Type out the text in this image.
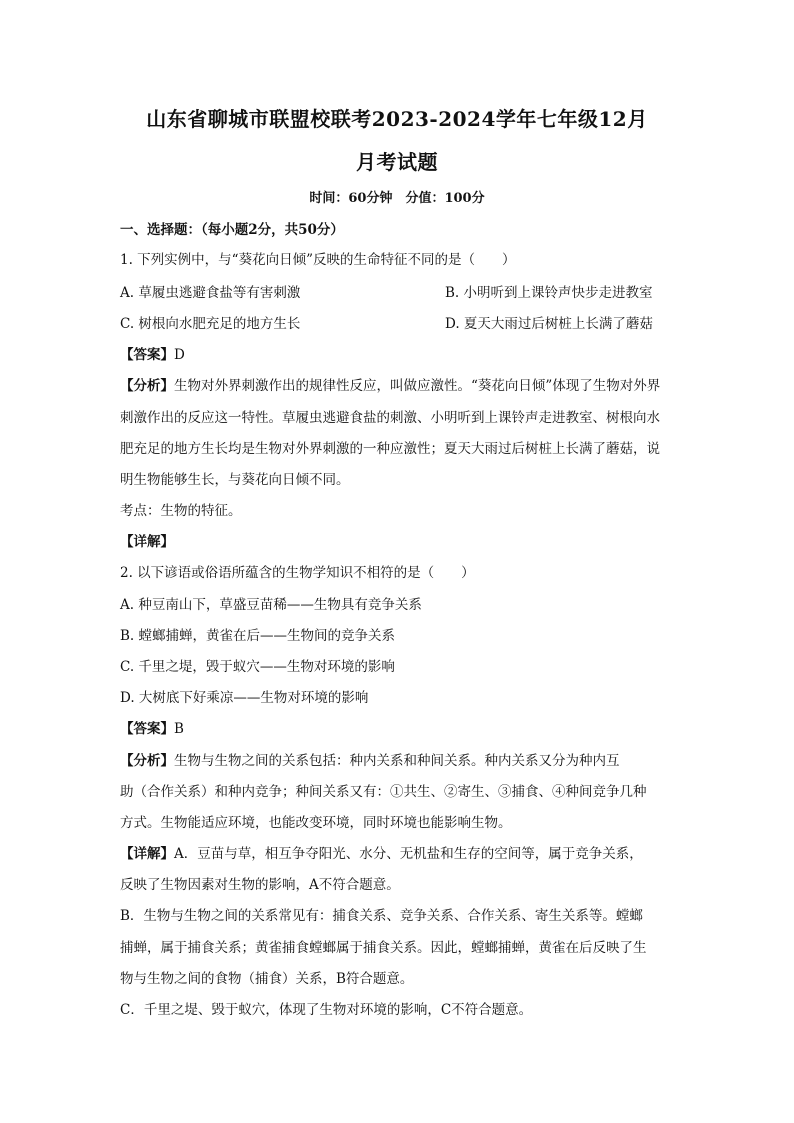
山东省聊城市联盟校联考2023-2024学年七年级12月
月考试题
时间：60分钟　分值：100分
一、选择题：（每小题2分，共50分）
1. 下列实例中，与“葵花向日倾”反映的生命特征不同的是（　　）
A. 草履虫逃避食盐等有害刺激	B. 小明听到上课铃声快步走进教室
C. 树根向水肥充足的地方生长	D. 夏天大雨过后树桩上长满了蘑菇
【答案】D
【分析】生物对外界刺激作出的规律性反应，叫做应激性。“葵花向日倾”体现了生物对外界
刺激作出的反应这一特性。草履虫逃避食盐的刺激、小明听到上课铃声走进教室、树根向水
肥充足的地方生长均是生物对外界刺激的一种应激性；夏天大雨过后树桩上长满了蘑菇，说
明生物能够生长，与葵花向日倾不同。
考点：生物的特征。
【详解】
2. 以下谚语或俗语所蕴含的生物学知识不相符的是（　　）
A. 种豆南山下，草盛豆苗稀——生物具有竞争关系
B. 螳螂捕蝉，黄雀在后——生物间的竞争关系
C. 千里之堤，毁于蚁穴——生物对环境的影响
D. 大树底下好乘凉——生物对环境的影响
【答案】B
【分析】生物与生物之间的关系包括：种内关系和种间关系。种内关系又分为种内互
助（合作关系）和种内竞争；种间关系又有：①共生、②寄生、③捕食、④种间竞争几种
方式。生物能适应环境，也能改变环境，同时环境也能影响生物。
【详解】A．豆苗与草，相互争夺阳光、水分、无机盐和生存的空间等，属于竞争关系，
反映了生物因素对生物的影响，A不符合题意。
B．生物与生物之间的关系常见有：捕食关系、竞争关系、合作关系、寄生关系等。螳螂
捕蝉，属于捕食关系；黄雀捕食螳螂属于捕食关系。因此，螳螂捕蝉，黄雀在后反映了生
物与生物之间的食物（捕食）关系，B符合题意。
C．千里之堤、毁于蚁穴，体现了生物对环境的影响，C不符合题意。
